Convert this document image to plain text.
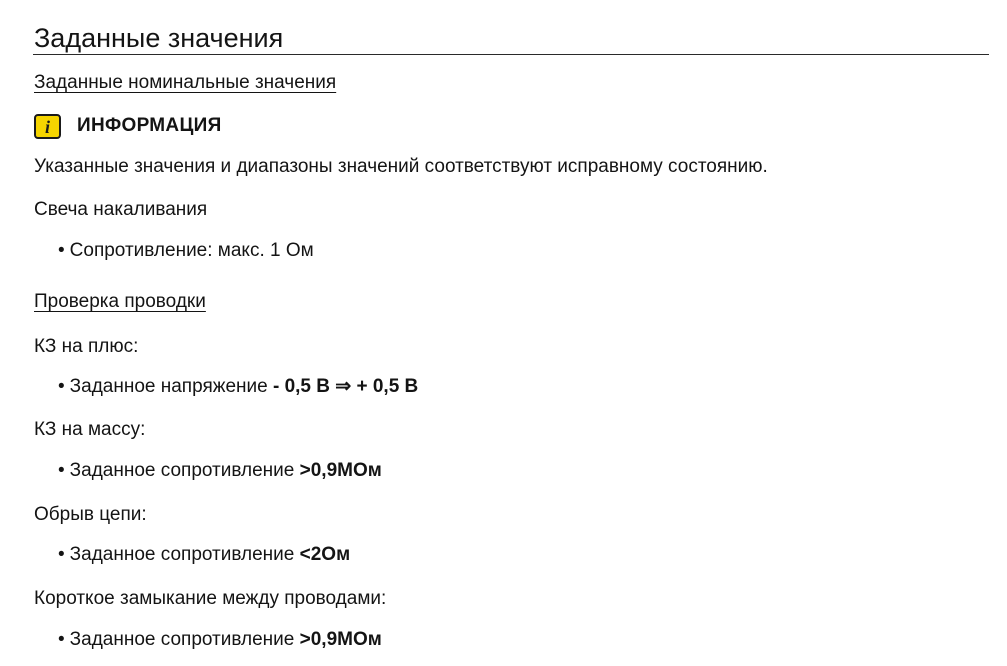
Заданные значения
Заданные номинальные значения
i ИНФОРМАЦИЯ
Указанные значения и диапазоны значений соответствуют исправному состоянию.
Свеча накаливания
• Сопротивление: макс. 1 Ом
Проверка проводки
КЗ на плюс:
• Заданное напряжение - 0,5 В ⇒ + 0,5 В
КЗ на массу:
• Заданное сопротивление >0,9МОм
Обрыв цепи:
• Заданное сопротивление <2Ом
Короткое замыкание между проводами:
• Заданное сопротивление >0,9МОм
